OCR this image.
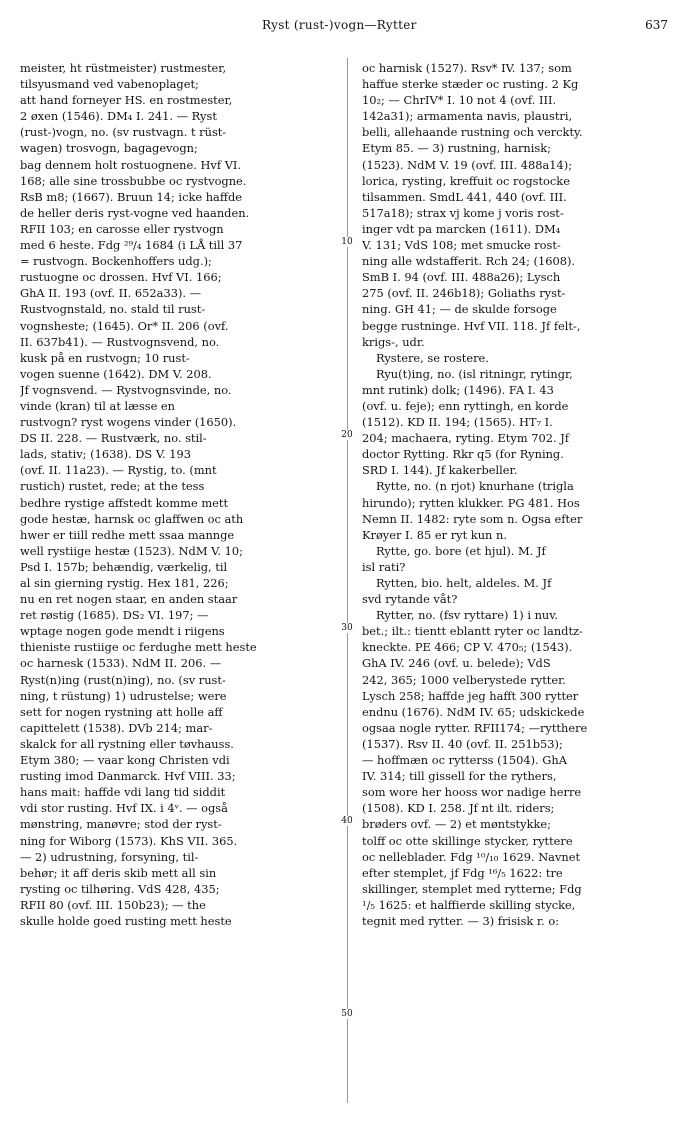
Ryst (rust-)vogn—Rytter	637
10
20
30
40
50
meister, ht rüstmeister) rustmester,
tilsyusmand ved vabenoplaget;
att hand forneyer HS. en rostmester,
2 øxen (1546). DM₄ I. 241. — Ryst
(rust-)vogn, no. (sv rustvagn. t rüst-
wagen) trosvogn, bagagevogn;
bag dennem holt rostuognene. Hvf VI.
168; alle sine trossbubbe oc rystvogne.
RsB m8; (1667). Bruun 14; icke haffde
de heller deris ryst-vogne ved haanden.
RFII 103; en carosse eller rystvogn
med 6 heste. Fdg ²⁹/₄ 1684 (i LÅ till 37
= rustvogn. Bockenhoffers udg.);
rustuogne oc drossen. Hvf VI. 166;
GhA II. 193 (ovf. II. 652a33). —
Rustvognstald, no. stald til rust-
vognsheste; (1645). Or* II. 206 (ovf.
II. 637b41). — Rustvognsvend, no.
kusk på en rustvogn; 10 rust-
vogen suenne (1642). DM V. 208.
Jf vognsvend. — Rystvognsvinde, no.
vinde (kran) til at læsse en
rustvogn? ryst wogens vinder (1650).
DS II. 228. — Rustværk, no. stil-
lads, stativ; (1638). DS V. 193
(ovf. II. 11a23). — Rystig, to. (mnt
rustich) rustet, rede; at the tess
bedhre rystige affstedt komme mett
gode hestæ, harnsk oc glaffwen oc ath
hwer er tiill redhe mett ssaa mannge
well rystiige hestæ (1523). NdM V. 10;
Psd I. 157b; behændig, værkelig, til
al sin gierning rystig. Hex 181, 226;
nu en ret nogen staar, en anden staar
ret røstig (1685). DS₂ VI. 197; —
wptage nogen gode mendt i riigens
thieniste rustiige oc ferdughe mett heste
oc harnesk (1533). NdM II. 206. —
Ryst(n)ing (rust(n)ing), no. (sv rust-
ning, t rüstung) 1) udrustelse; were
sett for nogen rystning att holle aff
capittelett (1538). DVb 214; mar-
skalck for all rystning eller tøvhauss.
Etym 380; — vaar kong Christen vdi
rusting imod Danmarck. Hvf VIII. 33;
hans mait: haffde vdi lang tid siddit
vdi stor rusting. Hvf IX. i 4ᵛ. — også
mønstring, manøvre; stod der ryst-
ning for Wiborg (1573). KhS VII. 365.
— 2) udrustning, forsyning, til-
behør; it aff deris skib mett all sin
rysting oc tilhøring. VdS 428, 435;
RFII 80 (ovf. III. 150b23); — the
skulle holde goed rusting mett heste
oc harnisk (1527). Rsv* IV. 137; som
haffue sterke stæder oc rusting. 2 Kg
10₂; — ChrIV* I. 10 not 4 (ovf. III.
142a31); armamenta navis, plaustri,
belli, allehaande rustning och verckty.
Etym 85. — 3) rustning, harnisk;
(1523). NdM V. 19 (ovf. III. 488a14);
lorica, rysting, kreffuit oc rogstocke
tilsammen. SmdL 441, 440 (ovf. III.
517a18); strax vj kome j voris rost-
inger vdt pa marcken (1611). DM₄
V. 131; VdS 108; met smucke rost-
ning alle wdstafferit. Rch 24; (1608).
SmB I. 94 (ovf. III. 488a26); Lysch
275 (ovf. II. 246b18); Goliaths ryst-
ning. GH 41; — de skulde forsoge
begge rustninge. Hvf VII. 118. Jf felt-,
krigs-, udr.
Rystere, se rostere.
Ryu(t)ing, no. (isl ritningr, rytingr,
mnt rutink) dolk; (1496). FA I. 43
(ovf. u. feje); enn ryttingh, en korde
(1512). KD II. 194; (1565). HT₇ I.
204; machaera, ryting. Etym 702. Jf
doctor Rytting. Rkr q5 (for Ryning.
SRD I. 144). Jf kakerbeller.
Rytte, no. (n rjot) knurhane (trigla
hirundo); rytten klukker. PG 481. Hos
Nemn II. 1482: ryte som n. Ogsa efter
Krøyer I. 85 er ryt kun n.
Rytte, go. bore (et hjul). M. Jf
isl rati?
Rytten, bio. helt, aldeles. M. Jf
svd rytande våt?
Rytter, no. (fsv ryttare) 1) i nuv.
bet.; ilt.: tientt eblantt ryter oc landtz-
kneckte. PE 466; CP V. 470₅; (1543).
GhA IV. 246 (ovf. u. belede); VdS
242, 365; 1000 velberystede rytter.
Lysch 258; haffde jeg hafft 300 rytter
endnu (1676). NdM IV. 65; udskickede
ogsaa nogle rytter. RFII174; —rytthere
(1537). Rsv II. 40 (ovf. II. 251b53);
— hoffmæn oc rytterss (1504). GhA
IV. 314; till gissell for the rythers,
som wore her hooss wor nadige herre
(1508). KD I. 258. Jf nt ilt. riders;
brøders ovf. — 2) et møntstykke;
tolff oc otte skillinge stycker, ryttere
oc nelleblader. Fdg ¹⁰/₁₀ 1629. Navnet
efter stemplet, jf Fdg ¹⁶/₅ 1622: tre
skillinger, stemplet med rytterne; Fdg
¹/₅ 1625: et halffierde skilling stycke,
tegnit med rytter. — 3) frisisk r. o:
